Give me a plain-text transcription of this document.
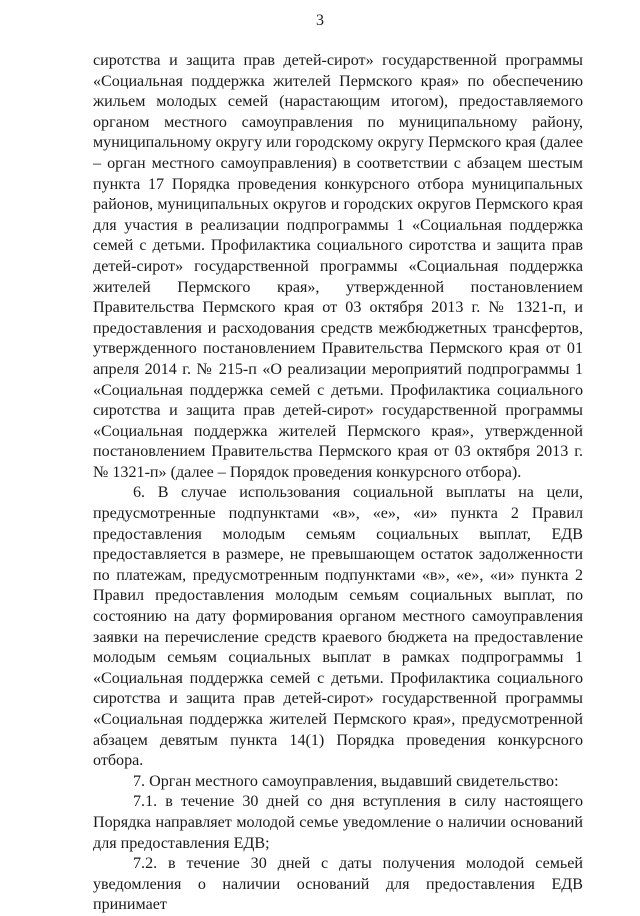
3

сиротства и защита прав детей-сирот» государственной программы «Социальная поддержка жителей Пермского края» по обеспечению жильем молодых семей (нарастающим итогом), предоставляемого органом местного самоуправления по муниципальному району, муниципальному округу или городскому округу Пермского края (далее – орган местного самоуправления) в соответствии с абзацем шестым пункта 17 Порядка проведения конкурсного отбора муниципальных районов, муниципальных округов и городских округов Пермского края для участия в реализации подпрограммы 1 «Социальная поддержка семей с детьми. Профилактика социального сиротства и защита прав детей-сирот» государственной программы «Социальная поддержка жителей Пермского края», утвержденной постановлением Правительства Пермского края от 03 октября 2013 г. № 1321-п, и предоставления и расходования средств межбюджетных трансфертов, утвержденного постановлением Правительства Пермского края от 01 апреля 2014 г. № 215-п «О реализации мероприятий подпрограммы 1 «Социальная поддержка семей с детьми. Профилактика социального сиротства и защита прав детей-сирот» государственной программы «Социальная поддержка жителей Пермского края», утвержденной постановлением Правительства Пермского края от 03 октября 2013 г. № 1321-п» (далее – Порядок проведения конкурсного отбора).

6. В случае использования социальной выплаты на цели, предусмотренные подпунктами «в», «е», «и» пункта 2 Правил предоставления молодым семьям социальных выплат, ЕДВ предоставляется в размере, не превышающем остаток задолженности по платежам, предусмотренным подпунктами «в», «е», «и» пункта 2 Правил предоставления молодым семьям социальных выплат, по состоянию на дату формирования органом местного самоуправления заявки на перечисление средств краевого бюджета на предоставление молодым семьям социальных выплат в рамках подпрограммы 1 «Социальная поддержка семей с детьми. Профилактика социального сиротства и защита прав детей-сирот» государственной программы «Социальная поддержка жителей Пермского края», предусмотренной абзацем девятым пункта 14(1) Порядка проведения конкурсного отбора.

7. Орган местного самоуправления, выдавший свидетельство:

7.1. в течение 30 дней со дня вступления в силу настоящего Порядка направляет молодой семье уведомление о наличии оснований для предоставления ЕДВ;

7.2. в течение 30 дней с даты получения молодой семьей уведомления о наличии оснований для предоставления ЕДВ принимает
